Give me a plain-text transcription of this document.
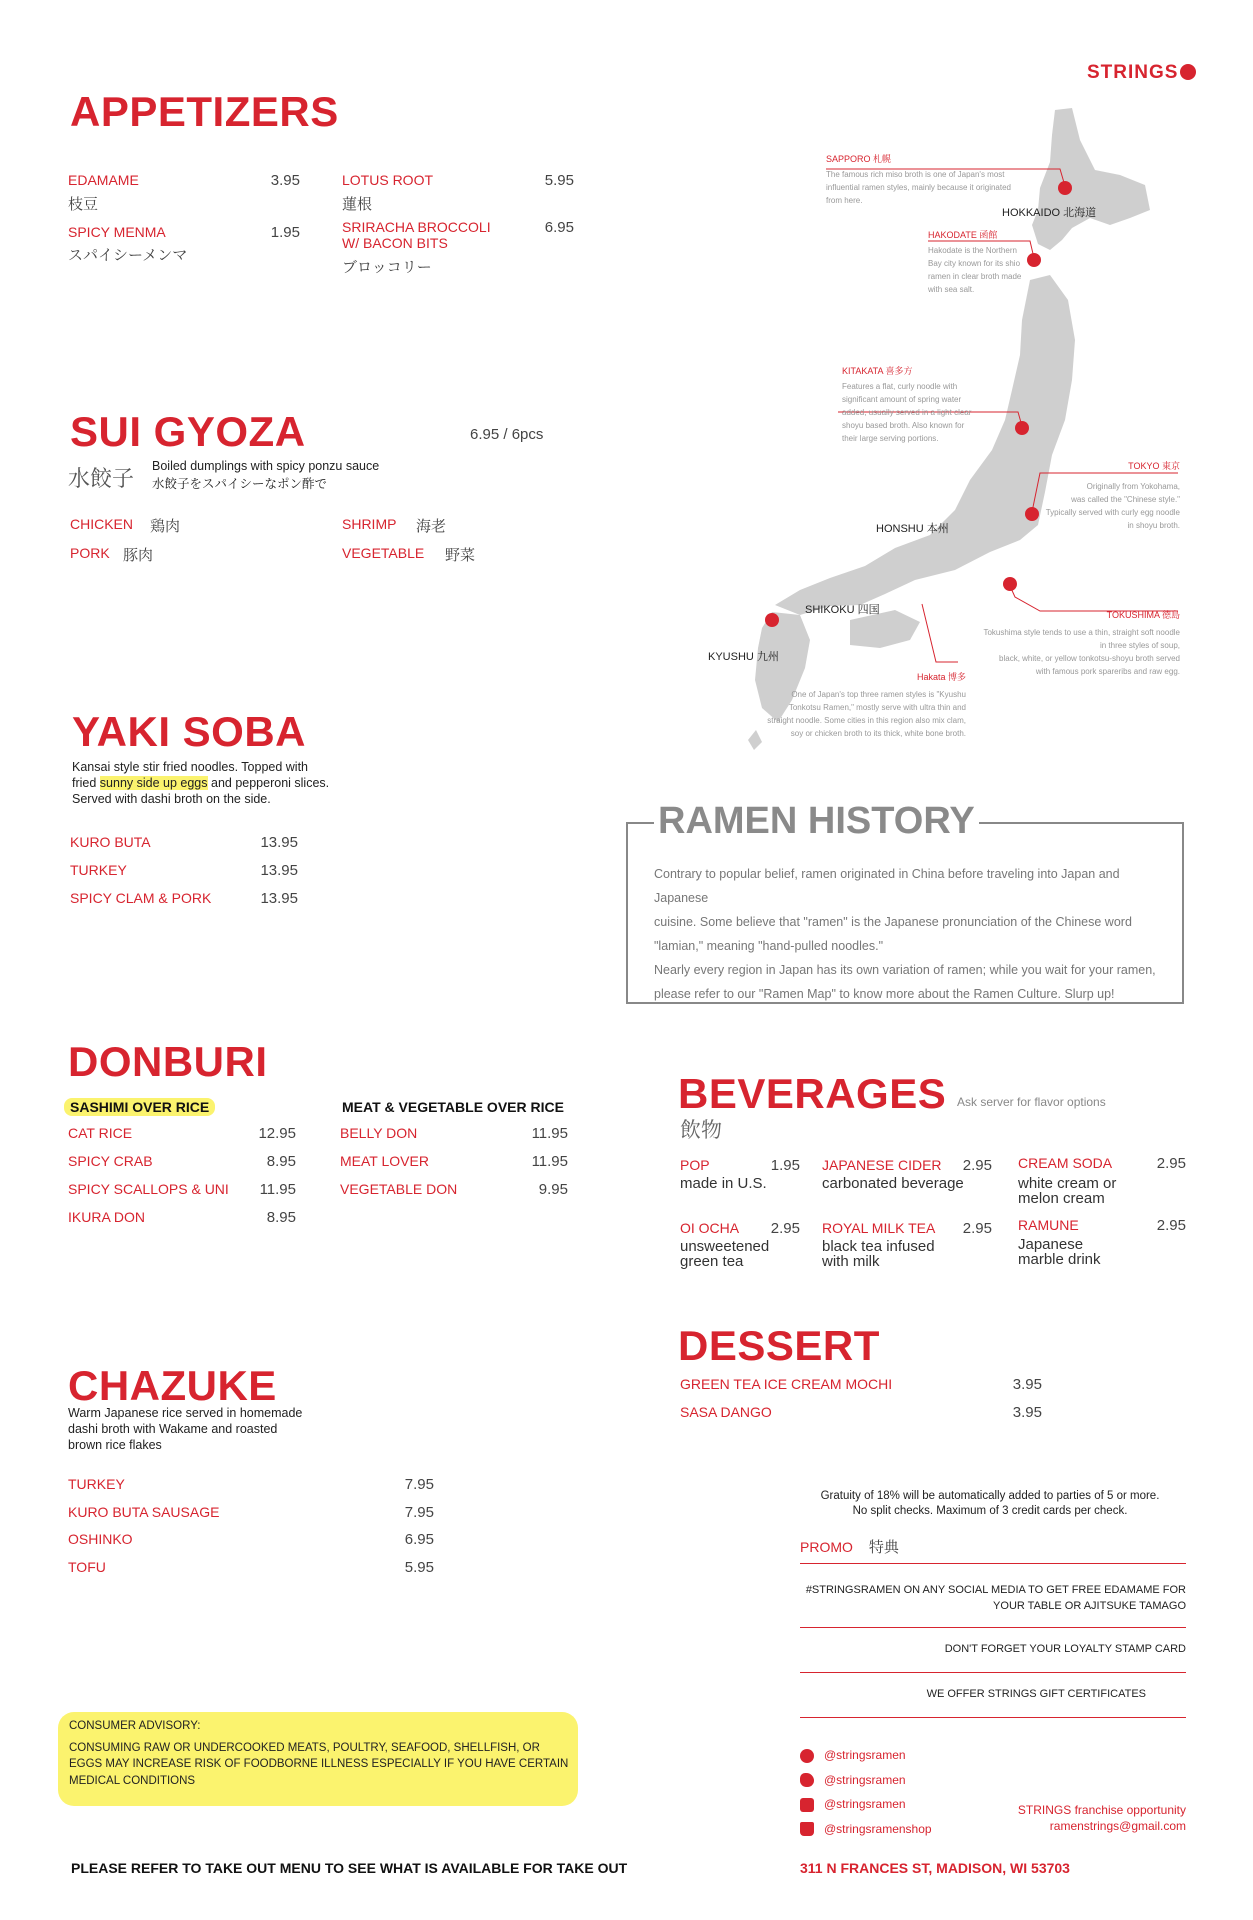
STRINGS
APPETIZERS
EDAMAME
枝豆
3.95
SPICY MENMA
スパイシーメンマ
1.95
LOTUS ROOT
蓮根
5.95
SRIRACHA BROCCOLI
W/ BACON BITS
ブロッコリー
6.95
SUI GYOZA	6.95 / 6pcs
水餃子 Boiled dumplings with spicy ponzu sauce
水餃子をスパイシーなポン酢で
CHICKEN 鶏肉
PORK 豚肉
SHRIMP 海老
VEGETABLE 野菜
YAKI SOBA
Kansai style stir fried noodles. Topped with
fried sunny side up eggs and pepperoni slices.
Served with dashi broth on the side.
KURO BUTA	13.95
TURKEY	13.95
SPICY CLAM & PORK	13.95
SAPPORO 札幌
The famous rich miso broth is one of Japan's most
influential ramen styles, mainly because it originated
from here.
HOKKAIDO 北海道
HAKODATE 函館
Hakodate is the Northern
Bay city known for its shio
ramen in clear broth made
with sea salt.
KITAKATA 喜多方
Features a flat, curly noodle with
significant amount of spring water
added, usually served in a light clear
shoyu based broth. Also known for
their large serving portions.
TOKYO 東京
Originally from Yokohama,
was called the "Chinese style."
Typically served with curly egg noodle
in shoyu broth.
HONSHU 本州
SHIKOKU 四国	TOKUSHIMA 徳島
Tokushima style tends to use a thin, straight soft noodle
in three styles of soup,
black, white, or yellow tonkotsu-shoyu broth served
with famous pork spareribs and raw egg.
KYUSHU 九州
Hakata 博多
One of Japan's top three ramen styles is "Kyushu
Tonkotsu Ramen," mostly serve with ultra thin and
straight noodle. Some cities in this region also mix clam,
soy or chicken broth to its thick, white bone broth.
RAMEN HISTORY
Contrary to popular belief, ramen originated in China before traveling into Japan and Japanese
cuisine. Some believe that "ramen" is the Japanese pronunciation of the Chinese word
"lamian," meaning "hand-pulled noodles."
Nearly every region in Japan has its own variation of ramen; while you wait for your ramen,
please refer to our "Ramen Map" to know more about the Ramen Culture. Slurp up!
DONBURI
SASHIMI OVER RICE	MEAT & VEGETABLE OVER RICE
CAT RICE	12.95
SPICY CRAB	8.95
SPICY SCALLOPS & UNI	11.95
IKURA DON	8.95
BELLY DON	11.95
MEAT LOVER	11.95
VEGETABLE DON	9.95
BEVERAGES Ask server for flavor options
飲物
POP	1.95
made in U.S.
JAPANESE CIDER	2.95
carbonated beverage
CREAM SODA	2.95
white cream or
melon cream
OI OCHA	2.95
unsweetened
green tea
ROYAL MILK TEA	2.95
black tea infused
with milk
RAMUNE	2.95
Japanese
marble drink
CHAZUKE
Warm Japanese rice served in homemade
dashi broth with Wakame and roasted
brown rice flakes
TURKEY	7.95
KURO BUTA SAUSAGE	7.95
OSHINKO	6.95
TOFU	5.95
DESSERT
GREEN TEA ICE CREAM MOCHI	3.95
SASA DANGO	3.95
Gratuity of 18% will be automatically added to parties of 5 or more.
No split checks. Maximum of 3 credit cards per check.
PROMO 特典
#STRINGSRAMEN ON ANY SOCIAL MEDIA TO GET FREE EDAMAME FOR
YOUR TABLE OR AJITSUKE TAMAGO
DON'T FORGET YOUR LOYALTY STAMP CARD
WE OFFER STRINGS GIFT CERTIFICATES
@stringsramen
@stringsramen
@stringsramen
@stringsramenshop
STRINGS franchise opportunity
ramenstrings@gmail.com
CONSUMER ADVISORY:
CONSUMING RAW OR UNDERCOOKED MEATS, POULTRY, SEAFOOD, SHELLFISH, OR
EGGS MAY INCREASE RISK OF FOODBORNE ILLNESS ESPECIALLY IF YOU HAVE CERTAIN
MEDICAL CONDITIONS
PLEASE REFER TO TAKE OUT MENU TO SEE WHAT IS AVAILABLE FOR TAKE OUT	311 N FRANCES ST, MADISON, WI 53703
